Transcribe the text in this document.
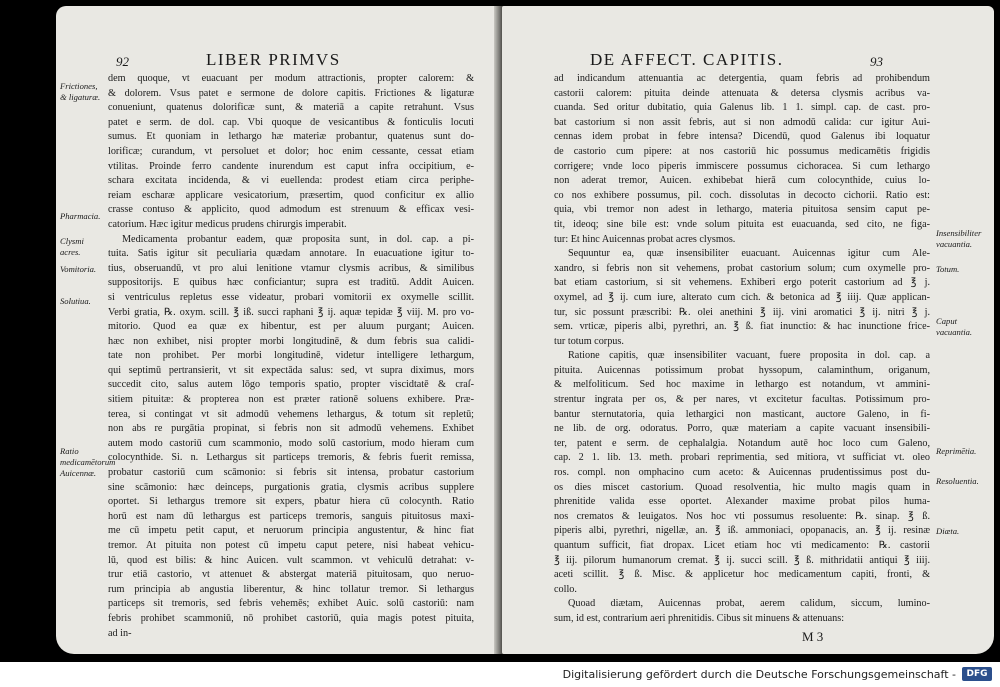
92	LIBER PRIMVS
Frictiones, & ligaturæ.
Pharmacia.
Clysmi acres.
Vomitoria.
Solutiua.
Ratio medicamētorum Auicennæ.
dem quoque, vt euacuant per modum attractionis, propter calorem: &
& dolorem. Vsus patet e sermone de dolore capitis. Frictiones & ligaturæ
conueniunt, quatenus dolorificæ sunt, & materiā a capite retrahunt. Vsus
patet e serm. de dol. cap. Vbi quoque de vesicantibus & fonticulis locuti
sumus. Et quoniam in lethargo hæ materiæ probantur, quatenus sunt do-
lorificæ; curandum, vt persoluet et dolor; hoc enim cessante, cessat etiam
vtilitas. Proinde ferro candente inurendum est caput infra occipitium, e-
schara excitata incidenda, & vi euellenda: prodest etiam circa periphe-
reiam escharæ applicare vesicatorium, præsertim, quod conficitur ex allio
crasse contuso & applicito, quod admodum est strenuum & efficax vesi-
catorium. Hæc igitur medicus prudens chirurgis imperabit.
Medicamenta probantur eadem, quæ proposita sunt, in dol. cap. a pi-
tuita. Satis igitur sit peculiaria quædam annotare. In euacuatione igitur to-
tius, obseruandū, vt pro alui lenitione vtamur clysmis acribus, & similibus
suppositorijs. E quibus hæc conficiantur; supra est traditū. Addit Auicen.
si ventriculus repletus esse videatur, probari vomitorii ex oxymelle scillit.
Verbi gratia, ℞. oxym. scill. ℥ iß. succi raphani ℥ ij. aquæ tepidæ ℥ viij. M. pro vo-
mitorio. Quod ea quæ ex hibentur, est per aluum purgant; Auicen.
hæc non exhibet, nisi propter morbi longitudinē, & dum febris sua calidi-
tate non prohibet. Per morbi longitudinē, videtur intelligere lethargum,
qui septimū pertransierit, vt sit expectāda salus: sed, vt supra diximus, mors
succedit cito, salus autem lōgo temporis spatio, propter viscidtatē & craſ-
sitiem pituitæ: & propterea non est præter rationē soluens exhibere. Præ-
terea, si contingat vt sit admodū vehemens lethargus, & totum sit repletū;
non abs re purgātia propinat, si febris non sit admodū vehemens. Exhibet
autem modo castoriū cum scammonio, modo solū castorium, modo hieram cum
colocynthide. Si. n. Lethargus sit particeps tremoris, & febris fuerit remissa,
probatur castoriū cum scāmonio: si febris sit intensa, probatur castorium
sine scāmonio: hæc deinceps, purgationis gratia, clysmis acribus supplere
oportet. Si lethargus tremore sit expers, pbatur hiera cū colocynth. Ratio
horū est nam dū lethargus est particeps tremoris, sanguis pituitosus maxi-
me cū impetu petit caput, et neruorum principia angustentur, & hinc fiat
tremor. At pituita non potest cū impetu caput petere, nisi habeat vehicu-
lū, quod est bilis: & hinc Auicen. vult scammon. vt vehiculū detrahat: v-
trur etiā castorio, vt attenuet & abstergat materiā pituitosam, quo neruo-
rum principia ab angustia liberentur, & hinc tollatur tremor. Si lethargus
particeps sit tremoris, sed febris vehemēs; exhibet Auic. solū castoriū: nam
febris prohibet scammoniū, nō prohibet castoriū, quia magis potest pituita,
ad in-
DE AFFECT. CAPITIS.	93
Insensibiliter vacuantia.
Totum.
Caput vacuantia.
Reprimētia.
Resoluentia.
Diæta.
ad indicandum attenuantia ac detergentia, quam febris ad prohibendum
castorii calorem: pituita deinde attenuata & detersa clysmis acribus va-
cuanda. Sed oritur dubitatio, quia Galenus lib. 1 1. simpl. cap. de cast. pro-
bat castorium si non assit febris, aut si non admodū calida: cur igitur Aui-
cennas idem probat in febre intensa? Dicendū, quod Galenus ibi loquatur
de castorio cum pipere: at nos castoriū hic possumus medicamētis frigidis
corrigere; vnde loco piperis immiscere possumus cichoracea. Si cum lethargo
non aderat tremor, Auicen. exhibebat hierā cum colocynthide, cuius lo-
co nos exhibere possumus, pil. coch. dissolutas in decocto cichorii. Ratio est:
quia, vbi tremor non adest in lethargo, materia pituitosa sensim caput pe-
tit, ideoq; sine bile est: vnde solum pituita est euacuanda, sed cito, ne figa-
tur: Et hinc Auicennas probat acres clysmos.
Sequuntur ea, quæ insensibiliter euacuant. Auicennas igitur cum Ale-
xandro, si febris non sit vehemens, probat castorium solum; cum oxymelle pro-
bat etiam castorium, si sit vehemens. Exhiberi ergo poterit castorium ad ℥ j.
oxymel, ad ℥ ij. cum iure, alterato cum cich. & betonica ad ℥ iiij. Quæ applican-
tur, sic possunt præscribi: ℞. olei anethini ℥ iij. vini aromatici ℥ ij. nitri ℥ j.
sem. vrticæ, piperis albi, pyrethri, an. ℥ ß. fiat inunctio: & hac inunctione frice-
tur totum corpus.
Ratione capitis, quæ insensibiliter vacuant, fuere proposita in dol. cap. a
pituita. Auicennas potissimum probat hyssopum, calaminthum, origanum,
& melfoliticum. Sed hoc maxime in lethargo est notandum, vt ammini-
strentur ingrata per os, & per nares, vt excitetur facultas. Potissimum pro-
bantur sternutatoria, quia lethargici non masticant, auctore Galeno, in fi-
ne lib. de org. odoratus. Porro, quæ materiam a capite vacuant insensibili-
ter, patent e serm. de cephalalgia. Notandum autē hoc loco cum Galeno,
cap. 2 1. lib. 13. meth. probari reprimentia, sed mitiora, vt sufficiat vt. oleo
ros. compl. non omphacino cum aceto: & Auicennas prudentissimus post du-
os dies miscet castorium. Quoad resolventia, hic multo magis quam in
phrenitide valida esse oportet. Alexander maxime probat pilos huma-
nos crematos & leuigatos. Nos hoc vti possumus resoluente: ℞. sinap. ℥ ß.
piperis albi, pyrethri, nigellæ, an. ℥ iß. ammoniaci, opopanacis, an. ℥ ij. resinæ
quantum sufficit, fiat dropax. Licet etiam hoc vti medicamento: ℞. castorii
℥ iij. pilorum humanorum cremat. ℥ ij. succi scill. ℥ ß. mithridatii antiqui ℥ iiij.
aceti scillit. ℥ ß. Misc. & applicetur hoc medicamentum capiti, fronti, &
collo.
Quoad diætam, Auicennas probat, aerem calidum, siccum, lumino-
sum, id est, contrarium aeri phrenitidis. Cibus sit minuens & attenuans:
M 3
Digitalisierung gefördert durch die Deutsche Forschungsgemeinschaft -	DFG
